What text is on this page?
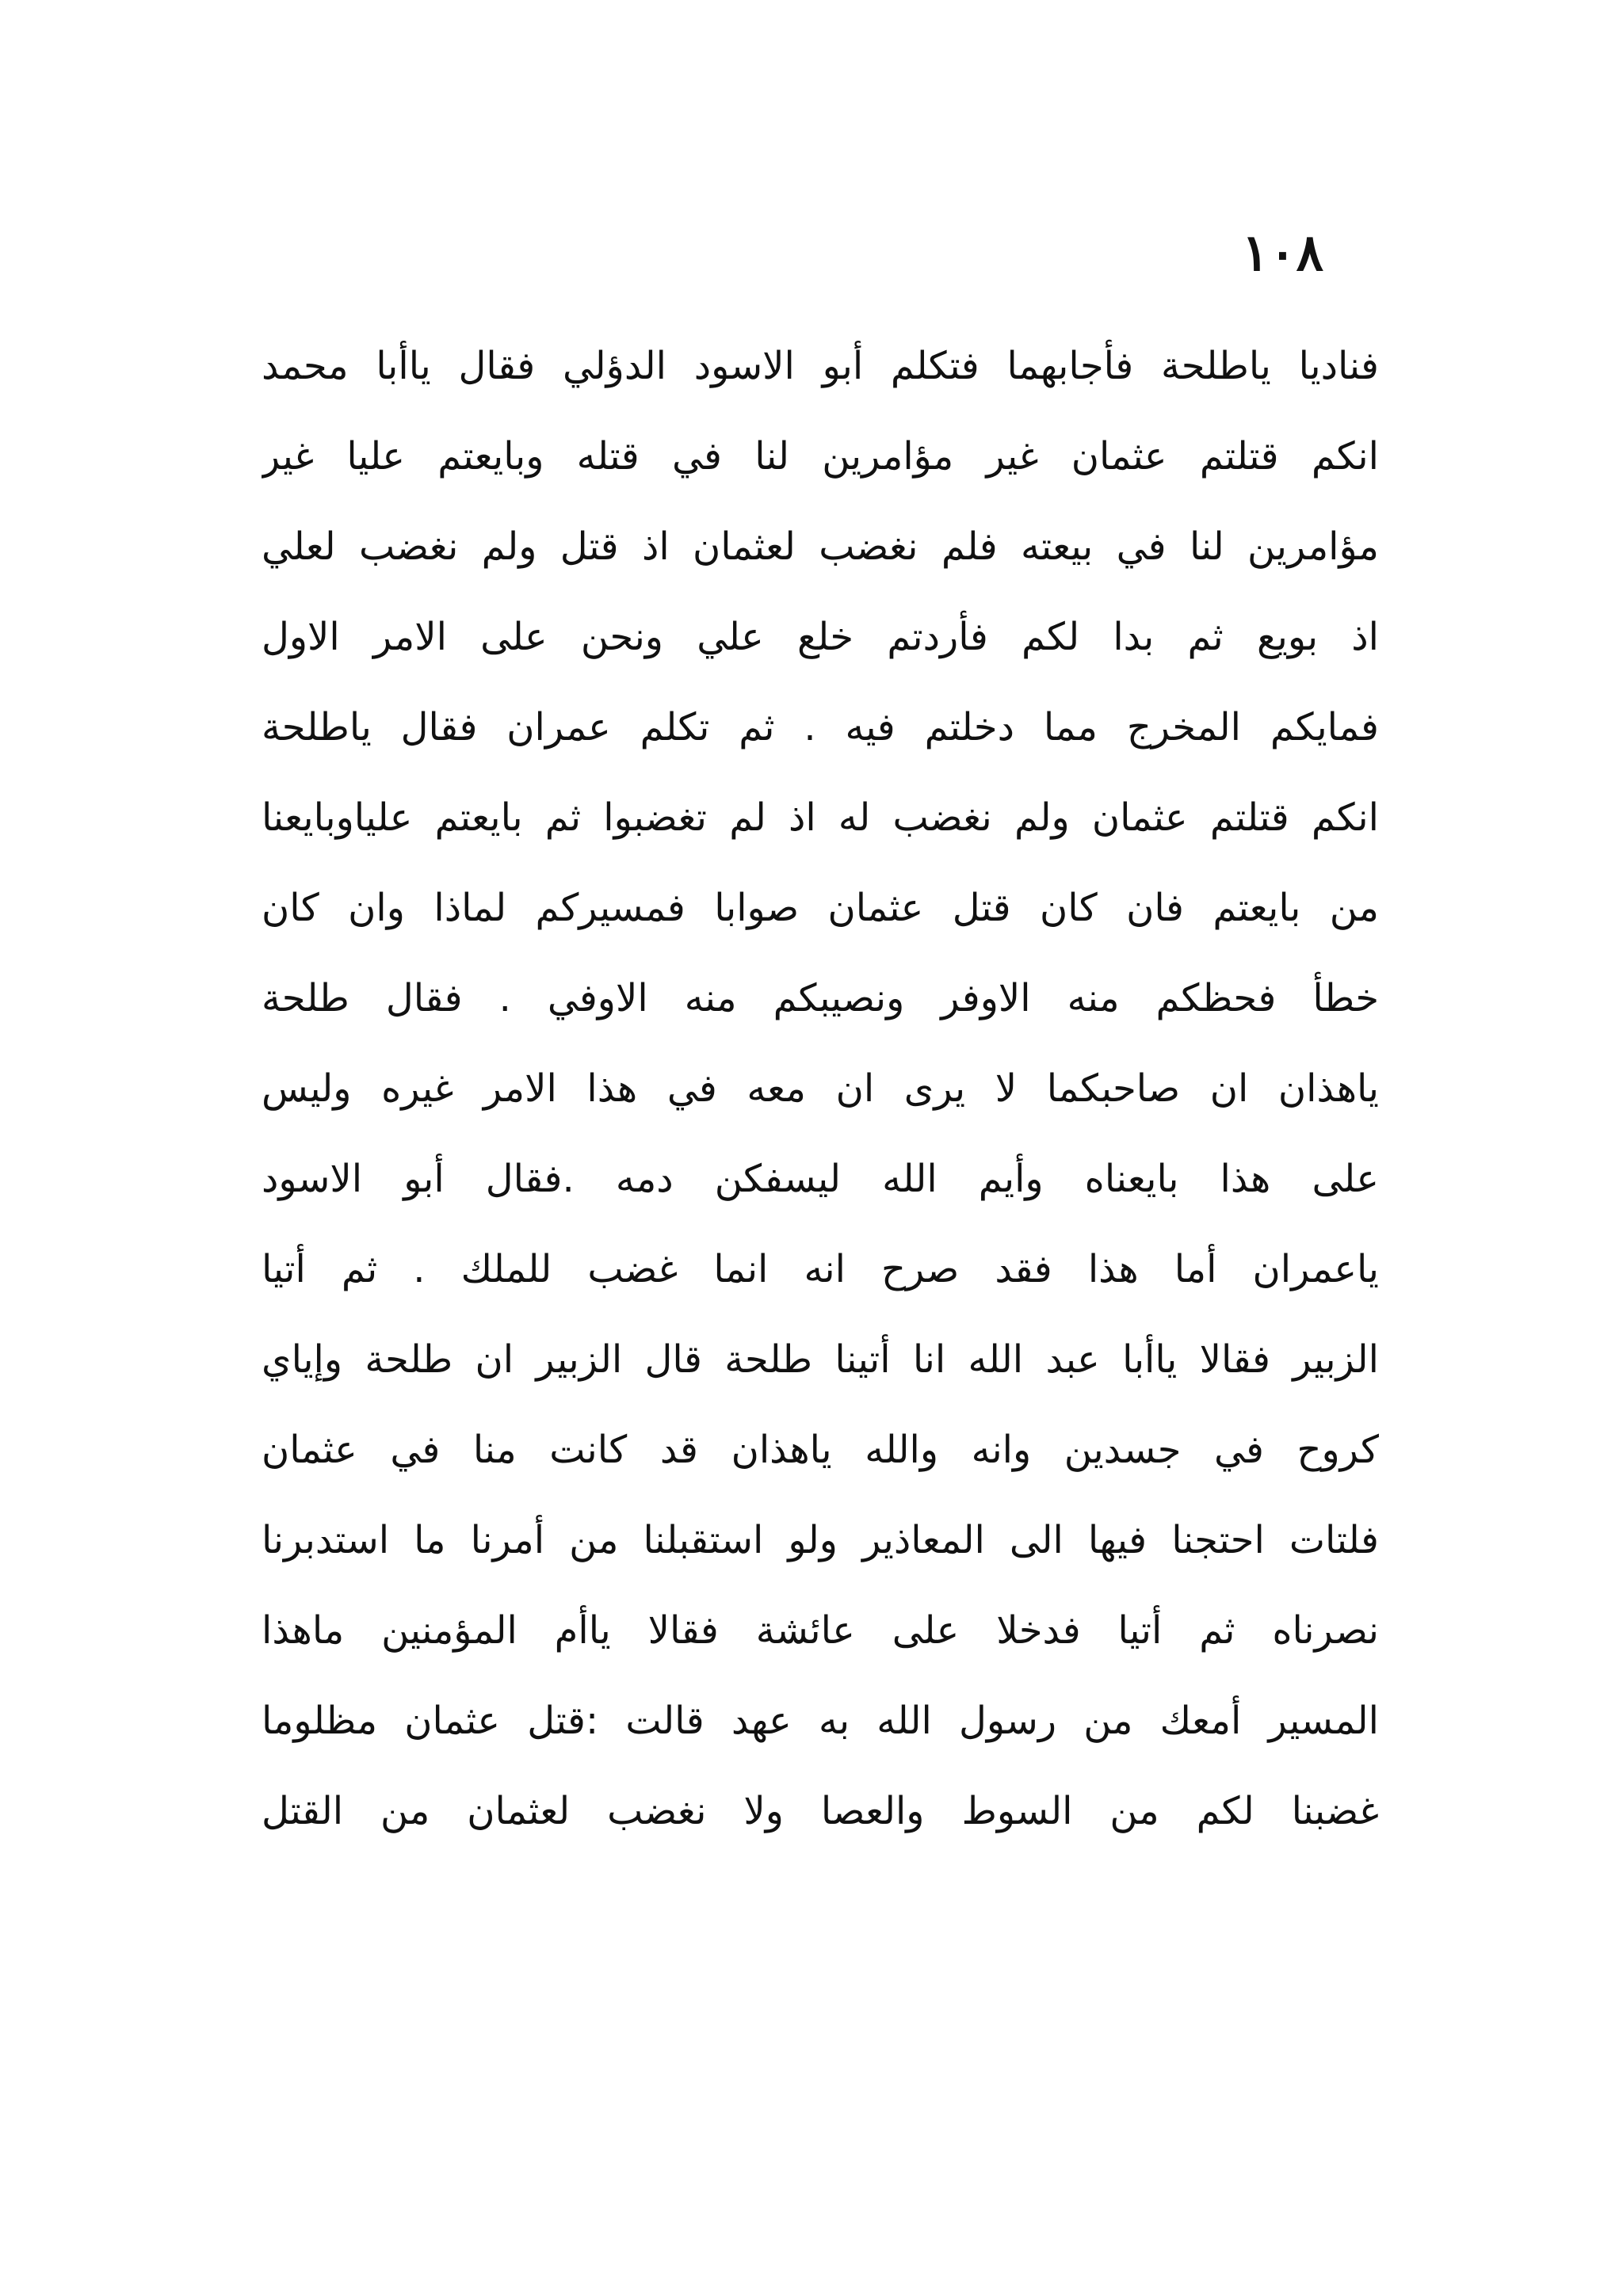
١٠٨
فناديا ياطلحة فأجابهما فتكلم أبو الاسود الدؤلي فقال ياأبا محمد
انكم قتلتم عثمان غير مؤامرين لنا في قتله وبايعتم عليا غير
مؤامرين لنا في بيعته فلم نغضب لعثمان اذ قتل ولم نغضب لعلي
اذ بويع ثم بدا لكم فأردتم خلع علي ونحن على الامر الاول
فمايكم المخرج مما دخلتم فيه . ثم تكلم عمران فقال ياطلحة
انكم قتلتم عثمان ولم نغضب له اذ لم تغضبوا ثم بايعتم علياوبايعنا
من بايعتم فان كان قتل عثمان صوابا فمسيركم لماذا وان كان
خطأ فحظكم منه الاوفر ونصيبكم منه الاوفي . فقال طلحة
ياهذان ان صاحبكما لا يرى ان معه في هذا الامر غيره وليس
على هذا بايعناه وأيم الله ليسفكن دمه .فقال أبو الاسود
ياعمران أما هذا فقد صرح انه انما غضب للملك . ثم أتيا
الزبير فقالا ياأبا عبد الله انا أتينا طلحة قال الزبير ان طلحة وإياي
كروح في جسدين وانه والله ياهذان قد كانت منا في عثمان
فلتات احتجنا فيها الى المعاذير ولو استقبلنا من أمرنا ما استدبرنا
نصرناه ثم أتيا فدخلا على عائشة فقالا ياأم المؤمنين ماهذا
المسير أمعك من رسول الله به عهد قالت :قتل عثمان مظلوما
غضبنا لكم من السوط والعصا ولا نغضب لعثمان من القتل
